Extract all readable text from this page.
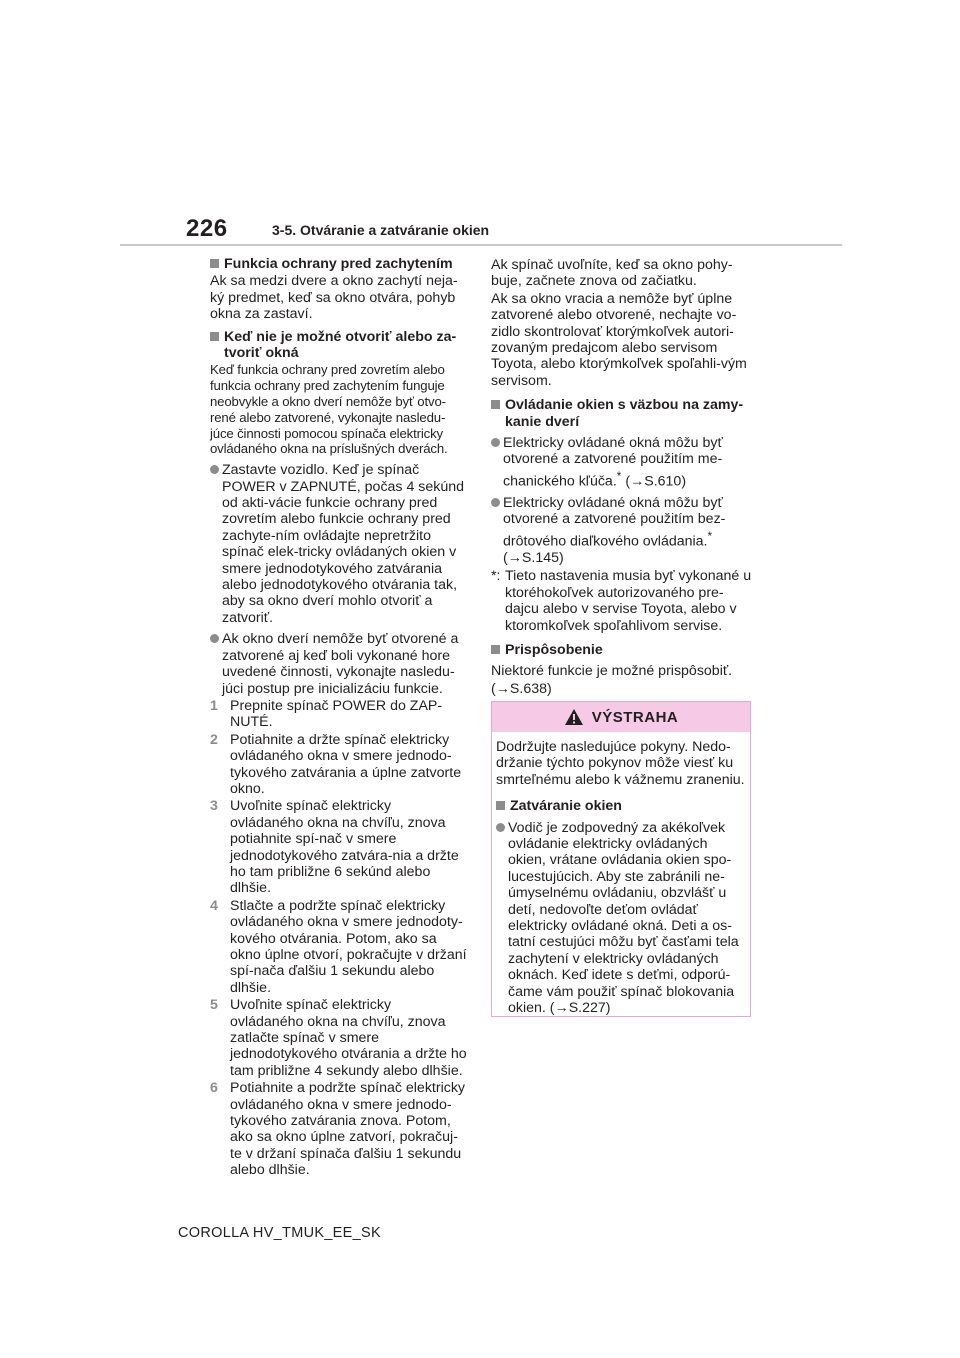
226	3-5. Otváranie a zatváranie okien
Funkcia ochrany pred zachytením
Ak sa medzi dvere a okno zachytí neja-ký predmet, keď sa okno otvára, pohyb okna za zastaví.
Keď nie je možné otvoriť alebo za-tvoriť okná
Keď funkcia ochrany pred zovretím alebo funkcia ochrany pred zachytením funguje neobvykle a okno dverí nemôže byť otvo-rené alebo zatvorené, vykonajte nasledu-júce činnosti pomocou spínača elektricky ovládaného okna na príslušných dverách.
Zastavte vozidlo. Keď je spínač POWER v ZAPNUTÉ, počas 4 sekúnd od akti-vácie funkcie ochrany pred zovretím alebo funkcie ochrany pred zachyte-ním ovládajte nepretržito spínač elek-tricky ovládaných okien v smere jednodotykového zatvárania alebo jednodotykového otvárania tak, aby sa okno dverí mohlo otvoriť a zatvoriť.
Ak okno dverí nemôže byť otvorené a zatvorené aj keď boli vykonané hore uvedené činnosti, vykonajte nasledu-júci postup pre inicializáciu funkcie.
1 Prepnite spínač POWER do ZAP-NUTÉ.
2 Potiahnite a držte spínač elektricky ovládaného okna v smere jednodo-tykového zatvárania a úplne zatvorte okno.
3 Uvoľnite spínač elektricky ovládaného okna na chvíľu, znova potiahnite spí-nač v smere jednodotykového zatvára-nia a držte ho tam približne 6 sekúnd alebo dlhšie.
4 Stlačte a podržte spínač elektricky ovládaného okna v smere jednodoty-kového otvárania. Potom, ako sa okno úplne otvorí, pokračujte v držaní spí-nača ďalšiu 1 sekundu alebo dlhšie.
5 Uvoľnite spínač elektricky ovládaného okna na chvíľu, znova zatlačte spínač v smere jednodotykového otvárania a držte ho tam približne 4 sekundy alebo dlhšie.
6 Potiahnite a podržte spínač elektricky ovládaného okna v smere jednodo-tykového zatvárania znova. Potom, ako sa okno úplne zatvorí, pokračuj-te v držaní spínača ďalšiu 1 sekundu alebo dlhšie.
Ak spínač uvoľníte, keď sa okno pohy-buje, začnete znova od začiatku.
Ak sa okno vracia a nemôže byť úplne zatvorené alebo otvorené, nechajte vo-zidlo skontrolovať ktorýmkoľvek autori-zovaným predajcom alebo servisom Toyota, alebo ktorýmkoľvek spoľahli-vým servisom.
Ovládanie okien s väzbou na zamy-kanie dverí
Elektricky ovládané okná môžu byť otvorené a zatvorené použitím me-chanického kľúča.* (→S.610)
Elektricky ovládané okná môžu byť otvorené a zatvorené použitím bez-drôtového diaľkového ovládania.*
(→S.145)
*: Tieto nastavenia musia byť vykonané u ktoréhokoľvek autorizovaného pre-dajcu alebo v servise Toyota, alebo v ktoromkoľvek spoľahlivom servise.
Prispôsobenie
Niektoré funkcie je možné prispôsobiť.
(→S.638)
VÝSTRAHA
Dodržujte nasledujúce pokyny. Nedo-držanie týchto pokynov môže viesť ku smrteľnému alebo k vážnemu zraneniu.
Zatváranie okien
Vodič je zodpovedný za akékoľvek ovládanie elektricky ovládaných okien, vrátane ovládania okien spo-lucestujúcich. Aby ste zabránili ne-úmyselnému ovládaniu, obzvlášť u detí, nedovoľte deťom ovládať elektricky ovládané okná. Deti a os-tatní cestujúci môžu byť časťami tela zachytení v elektricky ovládaných oknách. Keď idete s deťmi, odporú-čame vám použiť spínač blokovania okien. (→S.227)
COROLLA HV_TMUK_EE_SK
